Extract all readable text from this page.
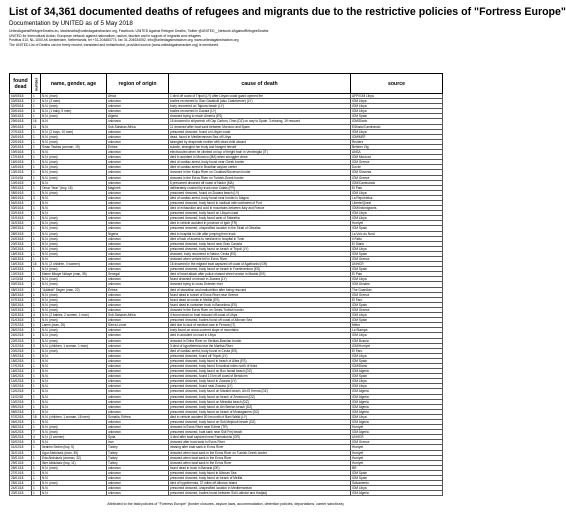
List of 34,361 documented deaths of refugees and migrants due to the restrictive policies of "Fortress Europe"
Documentation by UNITED as of 5 May 2018
UnitedAgainstRefugeeDeaths.eu, listofdeaths@unitedagainstracism.org, Facebook: UNITED Against Refugee Deaths, Twitter @UNITED__Network #AgainstRefugeeDeaths
UNITED for Intercultural Action, European network against nationalism, racism, fascism and in support of migrants and refugees
Postbus 413, NL-1000 AK Amsterdam, Netherlands, tel +31-204683774, fax 31-204634052, info@unitedagainstracism.org, www.unitedagainstracism.org
The UNITED List of Deaths can be freely reused, translated and redistributed, provided source (www.unitedagainstracism.org) is mentioned.
found dead	number	name, gender, age	region of origin	cause of death	source
04/05/18	1	N.N. (man)	Africa	1 died off coast of Tripoli (LY) after Libyan coast guard opened fire	AFP/IOM Libya
03/05/18	2	N.N. (2 men)	unknown	bodies recovered in Gian Garabulli (also Castelverde) (LY)	IOM Libya
02/05/18	1	N.N. (man)	unknown	body recovered on Tajoura beach (LY)	IOM Libya
30/04/18	8	N.N. (1 baby, 5 men)	unknown	bodies recovered in Zuwara (LY)	IOM Libya
30/04/18	1	N.N. (man)	Algeria	drowned trying to reach Almería (ES)	IOM Spain
29/04/18	16	N.N.	unknown	16 drowned in shipwreck off Cap Carbon, Oran (DZ) on way to Spain; 3 missing, 19 rescued	IOM/Diario
29/04/18	11	N.N.	Sub-Saharan Africa	11 drowned after boat sank between Morocco and Spain	ElDiario/Caminando
27/04/18	1	N.N. (2 boys, 10 men)	unknown	presumed drowned, found on Libyan coast	IOM Libya
24/04/18	1	N.N. (man)	unknown	dead, found in Mediterranean Sea off Libya	IOM/MSF
22/04/18	1	N.N. (man)	unknown	strangled by desperate mother with dead child aboard	Reuters
20/04/18	1	Sinan Tasbas (woman, 19)	Eritrea	suicide, strangled her body and hanged herself	Berliner Ztg
19/04/18	1	N.N.	unknown	electrocuted when he climbed on top of freight train in Ventimiglia (IT)	ANSA
17/04/18	1	N.N. (man)	unknown	died in accident in Morocco (MA) when smuggler drove	IOM Morocco
16/04/18	1	N.N. (man)	unknown	died of cardiac arrest, body found near Greek border	IOM Greece
14/04/18	1	N.N. (man)	unknown	died of cardiac arrest in Brazilian asylum center	Dw.de
13/04/18	1	N.N. (man)	unknown	drowned in the Kolpa River on Croatian/Slovenian border	IOM Slovenia
11/04/18	1	N.N. (man)	unknown	drowned in the Evros River on Turkish-Greek border	IOM Greece
10/04/18	6	N.N.	unknown	6 presumed drowned off coast of Nador (MA)	IOM/Caminando
09/04/18	1	Omar "Ibun" (boy, 16)	Maghreb	deliberately crushed by truck near Calais (FR)	El Pais
08/04/18	1	N.N. (man)	unknown	presumed drowned, found on Zuwara beach (LY)	IOM Libya
06/04/18	3	N.N.	unknown	died of cardiac arrest, body found near border in Alagna	La Repubblica
04/04/18	1	N.N.	unknown	presumed drowned, body found in nautical mile northwest of Port	Liberte/Quest
03/04/18	1	N.N.	unknown	died of exhaustion and cold in mountains between Italy and France	IOM/Infomigrants
02/04/18	1	N.N.	unknown	presumed drowned, body found on Libyan coast	IOM Libya
01/04/18	1	N.N. (man)	unknown	presumed drowned, body found west of Sabratha	IOM Libya
31/03/18	1	N.N. (man)	unknown	died in vehicle accident in province of Igdir (TR)	Hurriyet
29/03/18	1	N.N. (man)	unknown	presumed drowned, unspecified location in the Strait of Gibraltar	IOM Spain
28/03/18	1	N.N. (man)	Nigeria	died in hospital in Lille after jumping from truck	La Voix du Nord
24/03/18	1	N.N. (man)	unknown	died of lack of access to medicine in hospital in Turin	Il Fatto
23/03/18	1	N.N. (man)	unknown	presumed drowned, body found near Gran Canaria	El Diario
20/03/18	1	N.N. (man)	unknown	presumed drowned, body found on beach of Tripoli (LY)	IOM Libya
18/03/18	1	N.N. (man)	unknown	drowned, body recovered in Nador, Ceuta (ES)	IOM Spain
16/03/18	1	N.N.	unknown	drowned when vehicle fell in Evros River	IOM Greece
16/03/18	16	N.N. (2 children, 4 women)	unknown	16 drowned in the migrant boat capsized off coast of Agathonisi (GR)	UNHCR
14/03/18	1	N.N. (man)	unknown	presumed drowned, body found on beach in Fuerteventura (ES)	IOM Spain
13/03/18	1	Mame Mbaye Ndiaye (man, 35)	Senegal	died of heart attack after police chased street vendor in Madrid (ES)	El Pais
11/03/18	1	N.N. (man)	unknown	found drowned on beach in Zuwara (LY)	IOM Libya
09/03/18	1	N.N. (man)	unknown	drowned trying to cross Dniester river	IOM Ukraine
08/03/18	1	"Adibidé" Segen (man, 22)	Eritrea	died of starvation and malnutrition after being rescued	The Guardian
08/03/18	1	N.N. (man)	unknown	found dead in tunnel of Evros River near Greece	IOM Greece
07/03/18	1	N.N. (man)	unknown	found dead on rocks in Melilla (ES)	El Faro
05/03/18	1	N.N. (man)	unknown	found dead in container truck in Barcelona (ES)	IOM Spain
04/03/18	1	N.N. (man)	unknown	drowned in the Evros River on Greek-Turkish border	IOM Greece
02/03/18	4	N.N. (2 babies, 2 women, 1 man)	Sub-Saharan Africa	4 found dead on boat rescued off coast of Libya	IOM Libya
01/03/18	1	N.N. (man)	unknown	presumed drowned, bodies found off coast of Alboran Sea	IOM Spain
27/02/18	1	Lamin (man, 20)	Sierra Leone	died due to lack of medical care in Ferrara (IT)	Metro
26/02/18	1	N.N. (man)	unknown	body found on snow-covered slope of mountains	La Stampa
24/02/18	1	N.N. (man)	unknown	died in accident on road in Libya	IOM Libya
22/02/18	1	N.N. (man)	unknown	drowned in Drina River on Serbian-Bosnian border	IOM Bosnia
21/02/18	3	N.N. (children, 1 woman, 1 man)	unknown	3 died of hypothermia near the Maritsa River	IOM/Hurriyet
20/02/18	1	N.N. (man)	unknown	died of cardiac arrest, body found in Ceuta (ES)	El Faro
19/02/18	1	N.N.	unknown	presumed drowned, found off Tripoli (LY)	IOM Libya
18/02/18	1	N.N.	unknown	presumed drowned, body found in beach of Altea (ES)	IOM Spain
17/02/18	1	N.N.	unknown	presumed drowned, body found 8 nautical miles north of Ibiza	IOM/Diario
16/02/18	1	N.N.	unknown	presumed drowned, body found on Bou Ismail beach (DZ)	IOM Algeria
15/02/18	1	N.N.	unknown	presumed drowned, found 10 km off coast of Benidorm	IOM Spain
14/02/18	1	N.N.	unknown	presumed drowned, body found in Zuwara (LY)	IOM Libya
13/02/18	1	N.N.	unknown	presumed drowned, found near Zuwara (LY)	IOM Libya
12/02/18	1	N.N.	unknown	presumed drowned, body found on Marabit beach, Ain El Kerma (DZ)	IOM Algeria
11/02/18	1	N.N.	unknown	presumed drowned, body found on beach of Zemmouri (DZ)	IOM Algeria
10/02/18	1	N.N.	unknown	presumed drowned, body found on Messida beach (DZ)	IOM Algeria
09/02/18	1	N.N.	unknown	presumed drowned, body found on Ain Benian beach (DZ)	IOM Algeria
08/02/18	1	N.N.	unknown	presumed drowned, body found on beach of Mostaganem (DZ)	IOM Algeria
07/02/18	18	N.N. (children, 1 woman, 16 men)	Somalia, Eritrea	died in vehicle accident 50 km north of Bani Walid (LY)	IOM Libya
06/02/18	1	N.N.	unknown	presumed drowned, body found on Sidi Mejdoub beach (DZ)	IOM Algeria
05/02/18	1	N.N. (man)	unknown	drowned in Evros River near Edirne (TR)	Hurriyet
04/02/18	7	N.N. (man)	unknown	presumed drowned, boat sank near Sidi Frej beach	IOM Algeria
03/02/18	4	N.N. (2 women)	Syria	4 died after boat capsized near Farmakonisi (GR)	UNHCR
02/02/18	3	N.N.	Iran	drowned after boat sank in Evros River	IOM Greece
01/02/18	1	Ibrahim Sedim (boy, 5)	Turkey	missing after boat sank in Evros River	Hurriyet
31/01/18	1	Ugur Abdulaziz (man, 35)	Turkey	drowned when boat sank in the Evros River on Turkish-Greek border	Hurriyet
30/01/18	1	Eda Abdulaziz (woman, 32)	Turkey	drowned when boat sank in the Evros River	Hurriyet
29/01/18	1	Ilker Abdulaziz (boy, 11)	Turkey	drowned when boat sank in the Evros River	Hurriyet
28/01/18	1	N.N. (man)	unknown	found dead in truck in Bavaria (DE)	BR
27/01/18	1	N.N.	unknown	presumed drowned, body found in Alboran Sea	IOM Spain
26/01/18	1	N.N.	unknown	presumed drowned, body found on beach of Mellila	IOM Spain
25/01/18	1	N.N. (man)	unknown	died of hypothermia, 37 miles off Alboran Island	Salvamento
24/01/18	1	N.N.	unknown	presumed drowned, unspecified location in Mediterranean	IOM Libya
23/01/18	1	N.N.	unknown	presumed drowned, bodies found between Sidi Lakhdar and Hadjadj	IOM Algeria
Attributed to the fatal policies of "Fortress Europe" (border closures, asylum laws, accommodation, detention policies, deportations, carrier sanctions)
